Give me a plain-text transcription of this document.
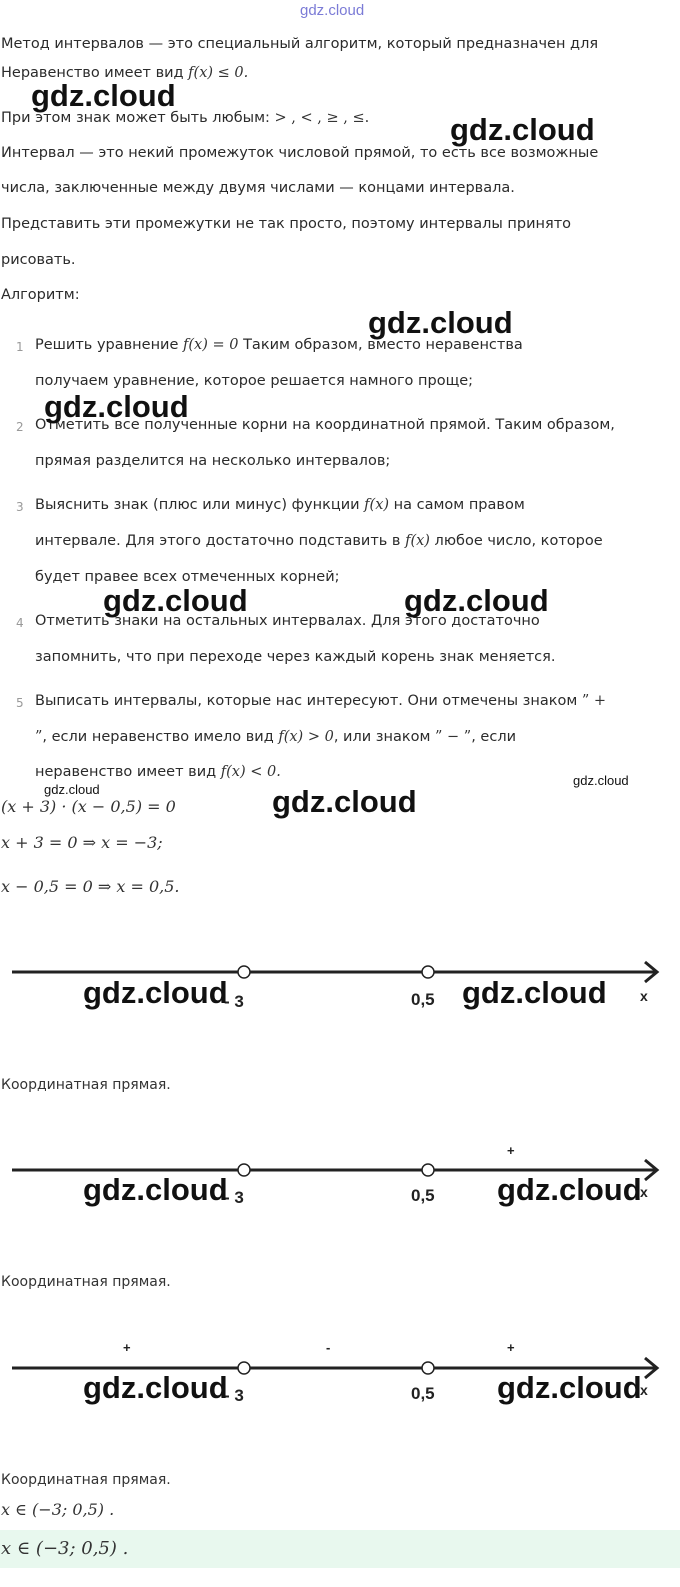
gdz.cloud
Метод интервалов — это специальный алгоритм, который предназначен для
Неравенство имеет вид f(x) ≤ 0.
При этом знак может быть любым: > , < , ≥ , ≤.
Интервал — это некий промежуток числовой прямой, то есть все возможные
числа, заключенные между двумя числами — концами интервала.
Представить эти промежутки не так просто, поэтому интервалы принято
рисовать.
Алгоритм:
1 Решить уравнение f(x) = 0 Таким образом, вместо неравенства
получаем уравнение, которое решается намного проще;
2 Отметить все полученные корни на координатной прямой. Таким образом,
прямая разделится на несколько интервалов;
3 Выяснить знак (плюс или минус) функции f(x) на самом правом
интервале. Для этого достаточно подставить в f(x) любое число, которое
будет правее всех отмеченных корней;
4 Отметить знаки на остальных интервалах. Для этого достаточно
запомнить, что при переходе через каждый корень знак меняется.
5 Выписать интервалы, которые нас интересуют. Они отмечены знаком ” +
”, если неравенство имело вид f(x) > 0, или знаком ” − ”, если
неравенство имеет вид f(x) < 0.
(x + 3) · (x − 0,5) = 0
x + 3 = 0 ⇒ x = −3;
x − 0,5 = 0 ⇒ x = 0,5.
- 3	0,5	x
Координатная прямая.
+
- 3	0,5	x
Координатная прямая.
+	-	+
- 3	0,5	x
Координатная прямая.
x ∈ (−3; 0,5) .
x ∈ (−3; 0,5) .
gdz.cloud
gdz.cloud
gdz.cloud
gdz.cloud
gdz.cloud	gdz.cloud
gdz.cloud
gdz.cloud
gdz.cloud
gdz.cloud	gdz.cloud
gdz.cloud	gdz.cloud
gdz.cloud	gdz.cloud
